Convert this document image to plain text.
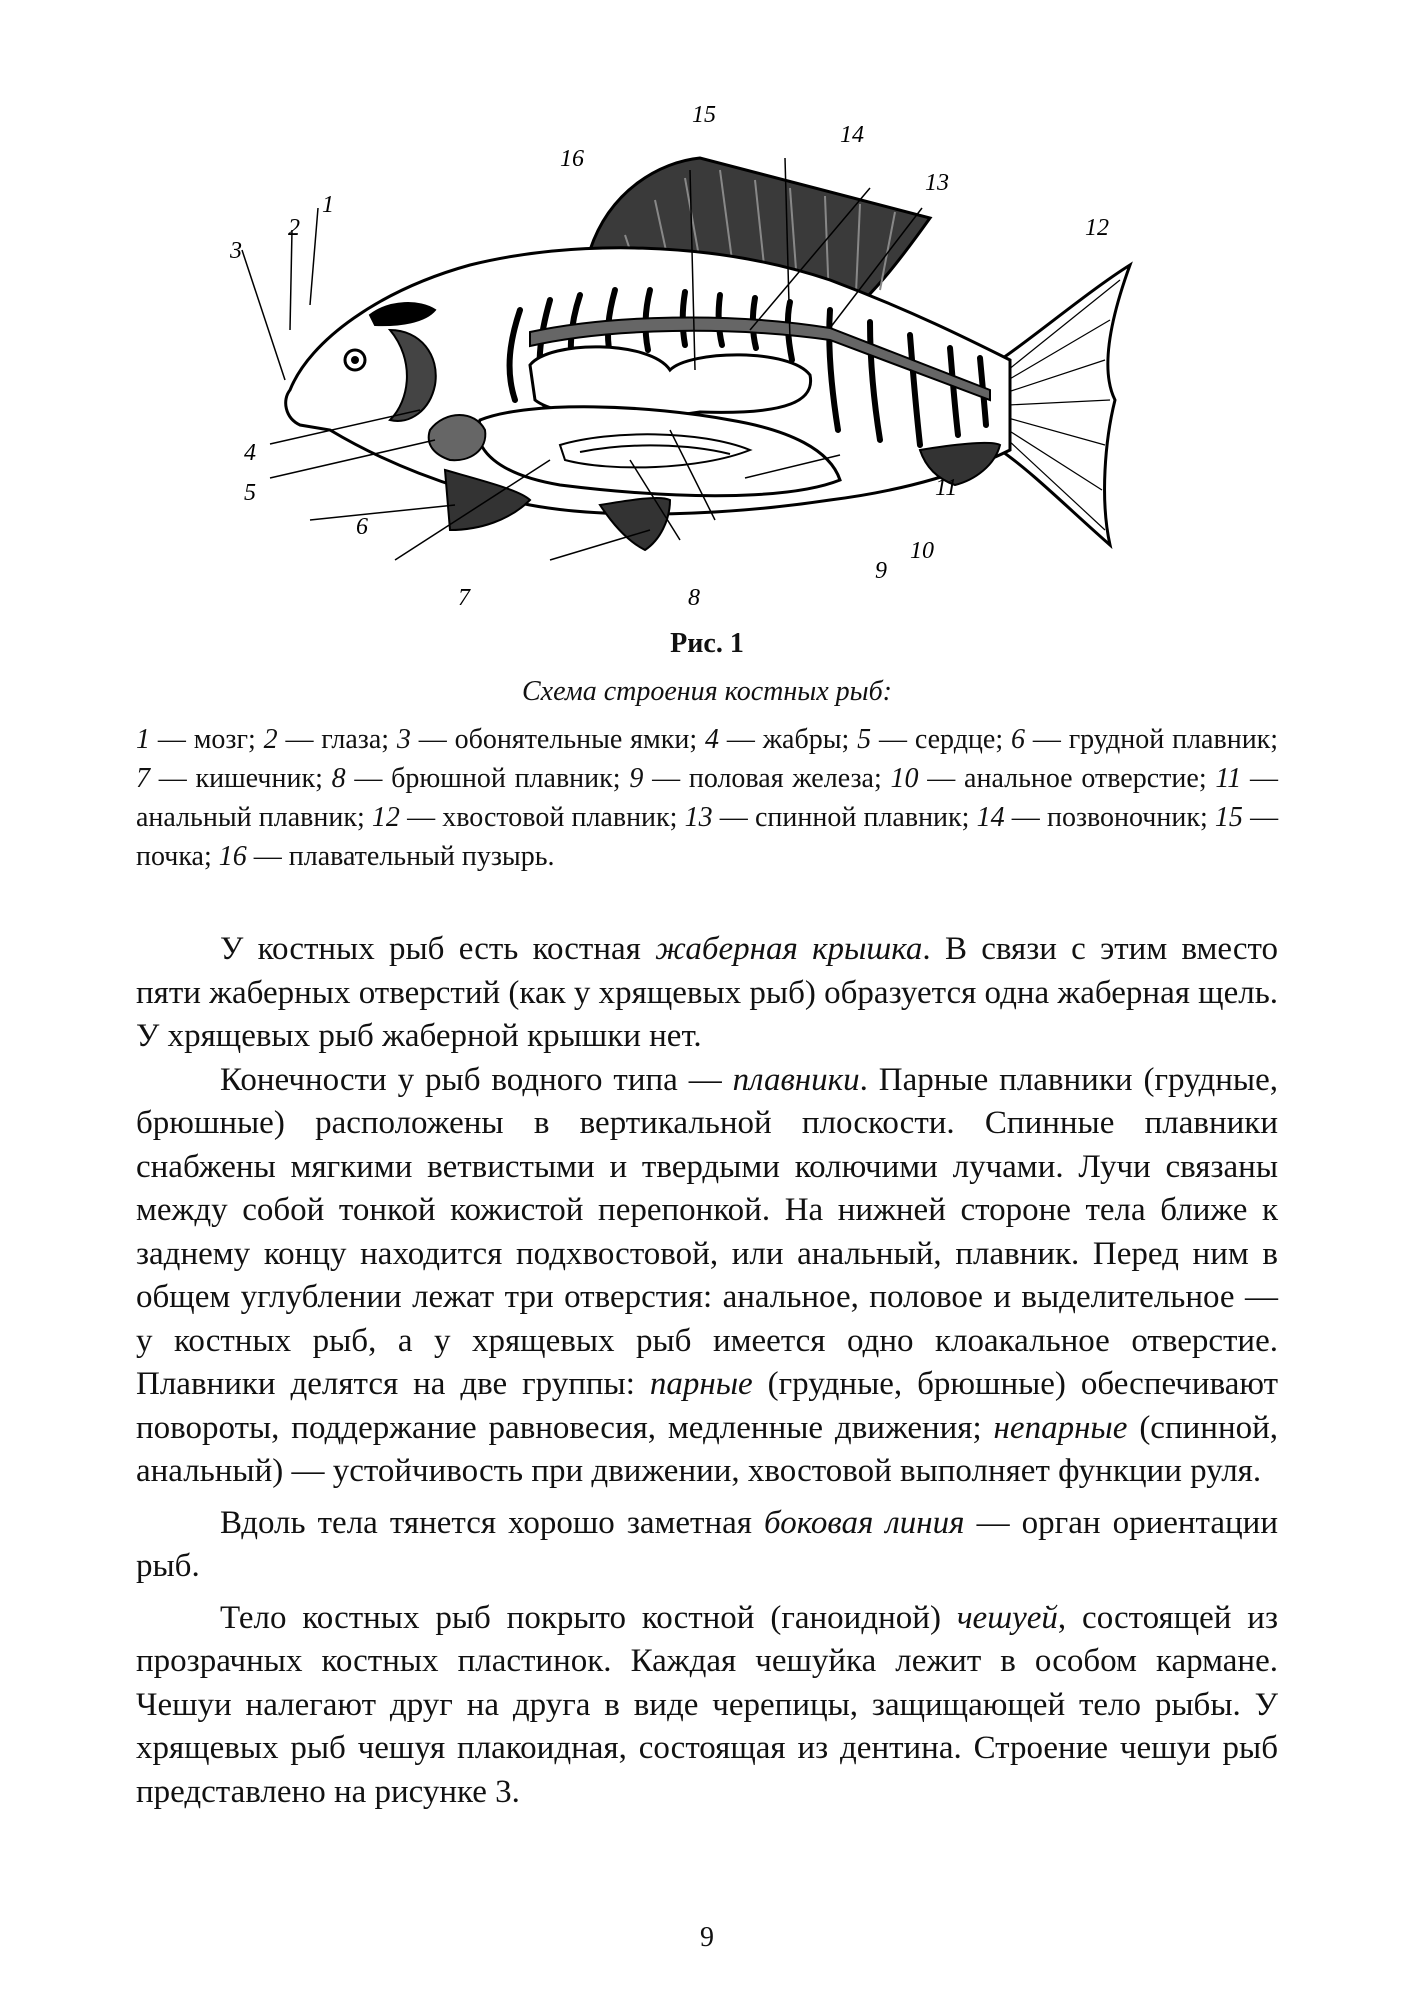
1
2
3
4
5
6
7	8
9
10
11
12
13
14
15
16
Рис. 1
Схема строения костных рыб:
1 — мозг; 2 — глаза; 3 — обонятельные ямки; 4 — жабры; 5 — сердце; 6 — грудной плавник; 7 — кишечник; 8 — брюшной плавник; 9 — половая железа; 10 — анальное отверстие; 11 — анальный плавник; 12 — хвостовой плавник; 13 — спинной плавник; 14 — позвоночник; 15 — почка; 16 — плавательный пузырь.

У костных рыб есть костная жаберная крышка. В связи с этим вместо пяти жаберных отверстий (как у хрящевых рыб) образуется одна жаберная щель. У хрящевых рыб жаберной крышки нет.

Конечности у рыб водного типа — плавники. Парные плавники (грудные, брюшные) расположены в вертикальной плоскости. Спинные плавники снабжены мягкими ветвистыми и твердыми колючими лучами. Лучи связаны между собой тонкой кожистой перепонкой. На нижней стороне тела ближе к заднему концу находится подхвостовой, или анальный, плавник. Перед ним в общем углублении лежат три отверстия: анальное, половое и выделительное — у костных рыб, а у хрящевых рыб имеется одно клоакальное отверстие. Плавники делятся на две группы: парные (грудные, брюшные) обеспечивают повороты, поддержание равновесия, медленные движения; непарные (спинной, анальный) — устойчивость при движении, хвостовой выполняет функции руля.

Вдоль тела тянется хорошо заметная боковая линия — орган ориентации рыб.

Тело костных рыб покрыто костной (ганоидной) чешуей, состоящей из прозрачных костных пластинок. Каждая чешуйка лежит в особом кармане. Чешуи налегают друг на друга в виде черепицы, защищающей тело рыбы. У хрящевых рыб чешуя плакоидная, состоящая из дентина. Строение чешуи рыб представлено на рисунке 3.

9
